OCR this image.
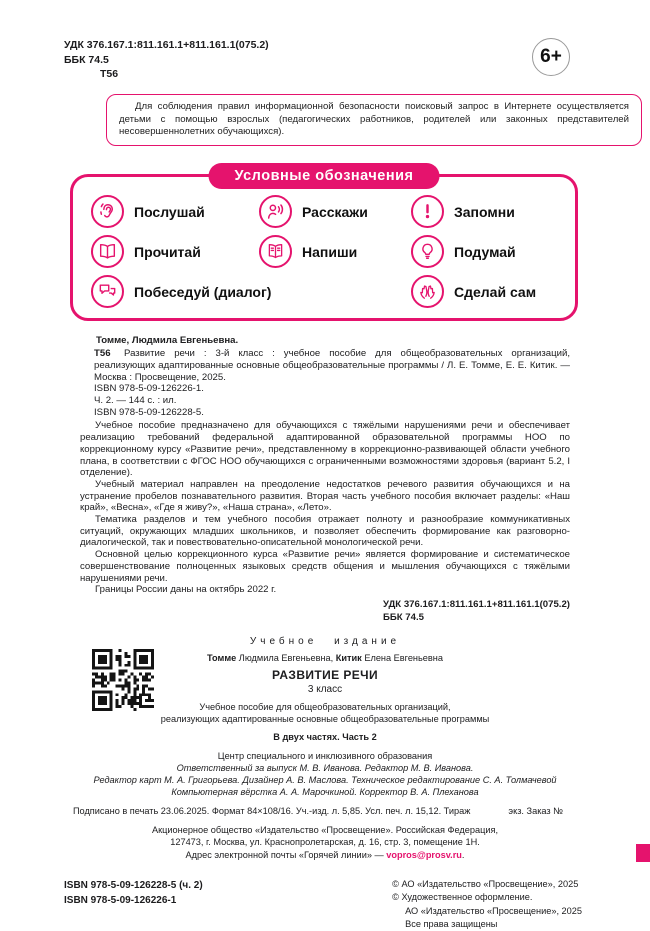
УДК 376.167.1:811.161.1+811.161.1(075.2)
ББК 74.5
Т56
6+
Для соблюдения правил информационной безопасности поисковый запрос в Интернете осуществляется детьми с помощью взрослых (педагогических работников, родителей или законных представителей несовершеннолетних обучающихся).
Условные обозначения
Послушай	Расскажи	Запомни
Прочитай	Напиши	Подумай
Побеседуй (диалог)	Сделай сам
Томме, Людмила Евгеньевна.
Т56	Развитие речи : 3-й класс : учебное пособие для общеобразовательных организаций, реализующих адаптированные основные общеобразовательные программы / Л. Е. Томме, Е. Е. Китик. — Москва : Просвещение, 2025.

ISBN 978-5-09-126226-1.

Ч. 2. — 144 с. : ил.

ISBN 978-5-09-126228-5.

Учебное пособие предназначено для обучающихся с тяжёлыми нарушениями речи и обеспечивает реализацию требований федеральной адаптированной образовательной программы НОО по коррекционному курсу «Развитие речи», представленному в коррекционно-развивающей области учебного плана, в соответствии с ФГОС НОО обучающихся с ограниченными возможностями здоровья (вариант 5.2, I отделение).

Учебный материал направлен на преодоление недостатков речевого развития обучающихся и на устранение пробелов познавательного развития. Вторая часть учебного пособия включает разделы: «Наш край», «Весна», «Где я живу?», «Наша страна», «Лето».

Тематика разделов и тем учебного пособия отражает полноту и разнообразие коммуникативных ситуаций, окружающих младших школьников, и позволяет обеспечить формирование как разговорно-диалогической, так и повествовательно-описательной монологической речи.

Основной целью коррекционного курса «Развитие речи» является формирование и систематическое совершенствование полноценных языковых средств общения и мышления обучающихся с тяжёлыми нарушениями речи.

Границы России даны на октябрь 2022 г.
УДК 376.167.1:811.161.1+811.161.1(075.2)
ББК 74.5
Учебное издание
Томме Людмила Евгеньевна, Китик Елена Евгеньевна
РАЗВИТИЕ РЕЧИ
3 класс
Учебное пособие для общеобразовательных организаций,
реализующих адаптированные основные общеобразовательные программы
В двух частях. Часть 2
Центр специального и инклюзивного образования
Ответственный за выпуск М. В. Иванова. Редактор М. В. Иванова.
Редактор карт М. А. Григорьева. Дизайнер А. В. Маслова. Техническое редактирование С. А. Толмачевой
Компьютерная вёрстка А. А. Марочкиной. Корректор В. А. Плеханова
Подписано в печать 23.06.2025. Формат 84×108/16. Уч.-изд. л. 5,85. Усл. печ. л. 15,12. Тираж	экз. Заказ №
Акционерное общество «Издательство «Просвещение». Российская Федерация,
127473, г. Москва, ул. Краснопролетарская, д. 16, стр. 3, помещение 1Н.
Адрес электронной почты «Горячей линии» — vopros@prosv.ru.
ISBN 978-5-09-126228-5 (ч. 2)
ISBN 978-5-09-126226-1
© АО «Издательство «Просвещение», 2025
© Художественное оформление.
АО «Издательство «Просвещение», 2025
Все права защищены
